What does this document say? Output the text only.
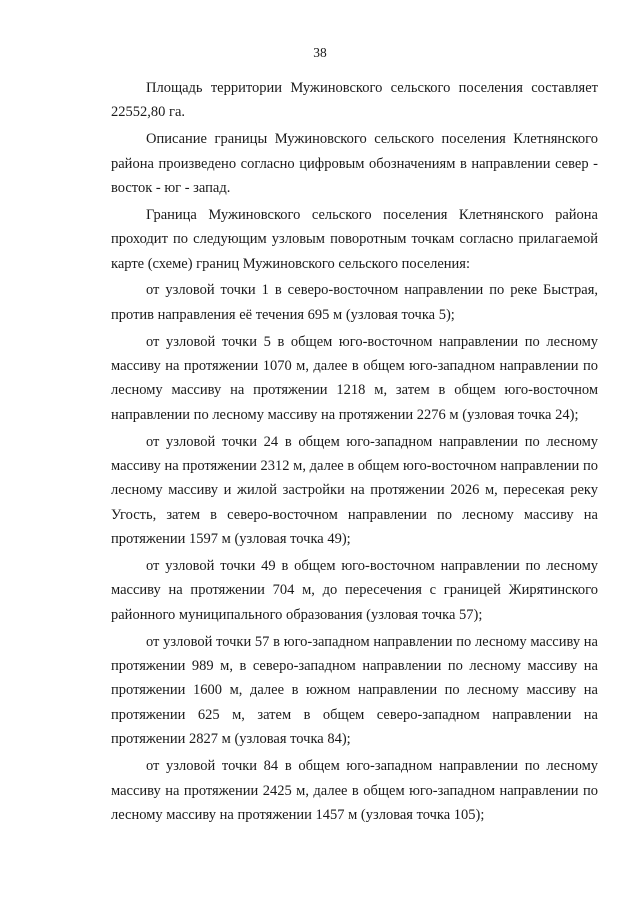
38

Площадь территории Мужиновского сельского поселения составляет 22552,80 га.

Описание границы Мужиновского сельского поселения Клетнянского района произведено согласно цифровым обозначениям в направлении север - восток - юг - запад.

Граница Мужиновского сельского поселения Клетнянского района проходит по следующим узловым поворотным точкам согласно прилагаемой карте (схеме) границ Мужиновского сельского поселения:

от узловой точки 1 в северо-восточном направлении по реке Быстрая, против направления её течения 695 м (узловая точка 5);

от узловой точки 5 в общем юго-восточном направлении по лесному массиву на протяжении 1070 м, далее в общем юго-западном направлении по лесному массиву на протяжении 1218 м, затем в общем юго-восточном направлении по лесному массиву на протяжении 2276 м (узловая точка 24);

от узловой точки 24 в общем юго-западном направлении по лесному массиву на протяжении 2312 м, далее в общем юго-восточном направлении по лесному массиву и жилой застройки на протяжении 2026 м, пересекая реку Угость, затем в северо-восточном направлении по лесному массиву на протяжении 1597 м (узловая точка 49);

от узловой точки 49 в общем юго-восточном направлении по лесному массиву на протяжении 704 м, до пересечения с границей Жирятинского районного муниципального образования (узловая точка 57);

от узловой точки 57 в юго-западном направлении по лесному массиву на протяжении 989 м, в северо-западном направлении по лесному массиву на протяжении 1600 м, далее в южном направлении по лесному массиву на протяжении 625 м, затем в общем северо-западном направлении на протяжении 2827 м (узловая точка 84);

от узловой точки 84 в общем юго-западном направлении по лесному массиву на протяжении 2425 м, далее в общем юго-западном направлении по лесному массиву на протяжении 1457 м (узловая точка 105);
